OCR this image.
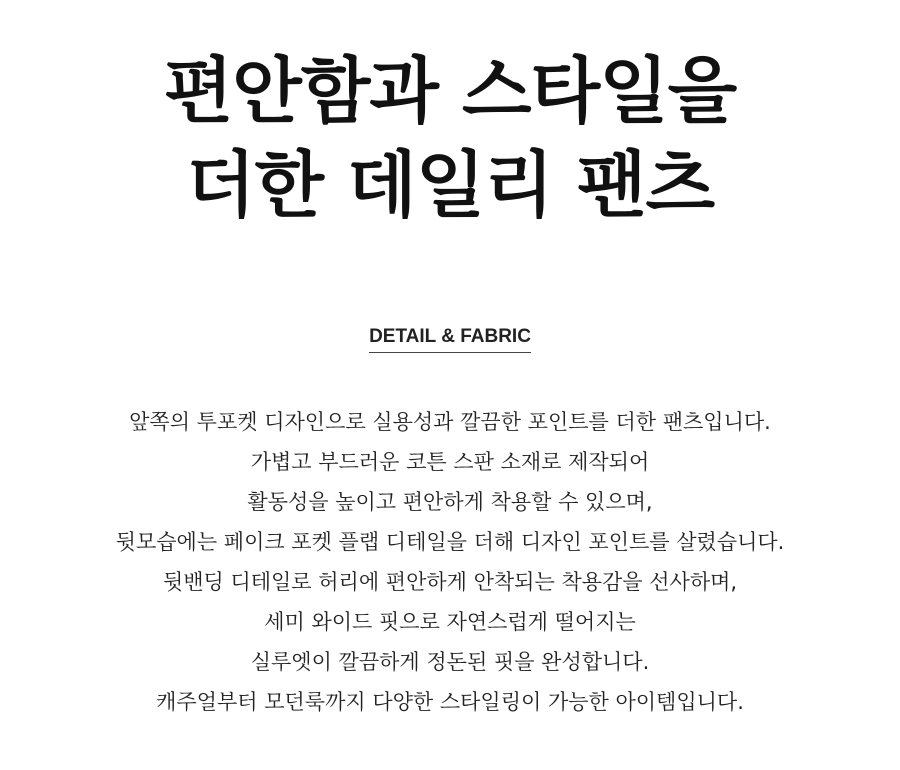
편안함과 스타일을
더한 데일리 팬츠
DETAIL & FABRIC
앞쪽의 투포켓 디자인으로 실용성과 깔끔한 포인트를 더한 팬츠입니다.
가볍고 부드러운 코튼 스판 소재로 제작되어
활동성을 높이고 편안하게 착용할 수 있으며,
뒷모습에는 페이크 포켓 플랩 디테일을 더해 디자인 포인트를 살렸습니다.
뒷밴딩 디테일로 허리에 편안하게 안착되는 착용감을 선사하며,
세미 와이드 핏으로 자연스럽게 떨어지는
실루엣이 깔끔하게 정돈된 핏을 완성합니다.
캐주얼부터 모던룩까지 다양한 스타일링이 가능한 아이템입니다.
